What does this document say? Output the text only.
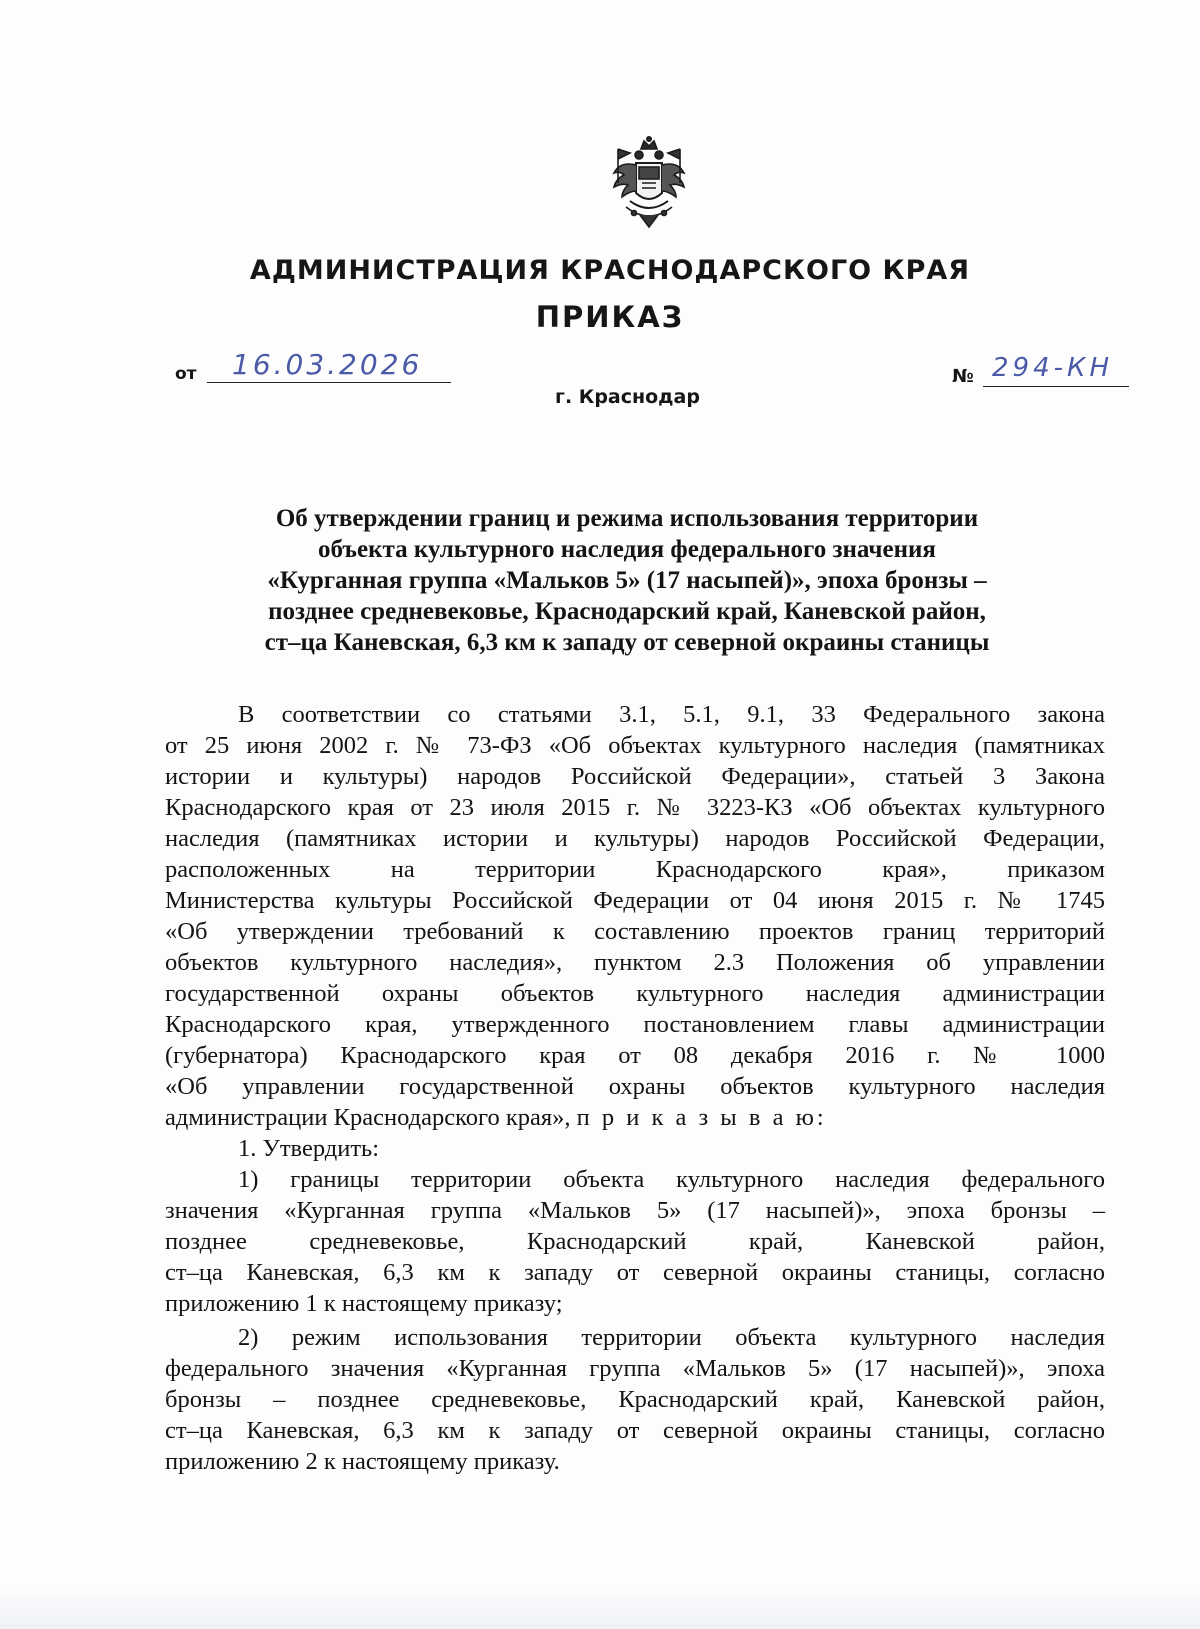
АДМИНИСТРАЦИЯ КРАСНОДАРСКОГО КРАЯ
ПРИКАЗ
от 16.03.2026
г. Краснодар
№ 294-КН
Об утверждении границ и режима использования территории
объекта культурного наследия федерального значения
«Курганная группа «Мальков 5» (17 насыпей)», эпоха бронзы –
позднее средневековье, Краснодарский край, Каневской район,
ст–ца Каневская, 6,3 км к западу от северной окраины станицы
В соответствии со статьями 3.1, 5.1, 9.1, 33 Федерального закона
от 25 июня 2002 г. № 73-ФЗ «Об объектах культурного наследия (памятниках
истории и культуры) народов Российской Федерации», статьей 3 Закона
Краснодарского края от 23 июля 2015 г. № 3223-КЗ «Об объектах культурного
наследия (памятниках истории и культуры) народов Российской Федерации,
расположенных на территории Краснодарского края», приказом
Министерства культуры Российской Федерации от 04 июня 2015 г. № 1745
«Об утверждении требований к составлению проектов границ территорий
объектов культурного наследия», пунктом 2.3 Положения об управлении
государственной охраны объектов культурного наследия администрации
Краснодарского края, утвержденного постановлением главы администрации
(губернатора) Краснодарского края от 08 декабря 2016 г. № 1000
«Об управлении государственной охраны объектов культурного наследия
администрации Краснодарского края», п р и к а з ы в а ю:
1. Утвердить:
1) границы территории объекта культурного наследия федерального
значения «Курганная группа «Мальков 5» (17 насыпей)», эпоха бронзы –
позднее средневековье, Краснодарский край, Каневской район,
ст–ца Каневская, 6,3 км к западу от северной окраины станицы, согласно
приложению 1 к настоящему приказу;
2) режим использования территории объекта культурного наследия
федерального значения «Курганная группа «Мальков 5» (17 насыпей)», эпоха
бронзы – позднее средневековье, Краснодарский край, Каневской район,
ст–ца Каневская, 6,3 км к западу от северной окраины станицы, согласно
приложению 2 к настоящему приказу.
